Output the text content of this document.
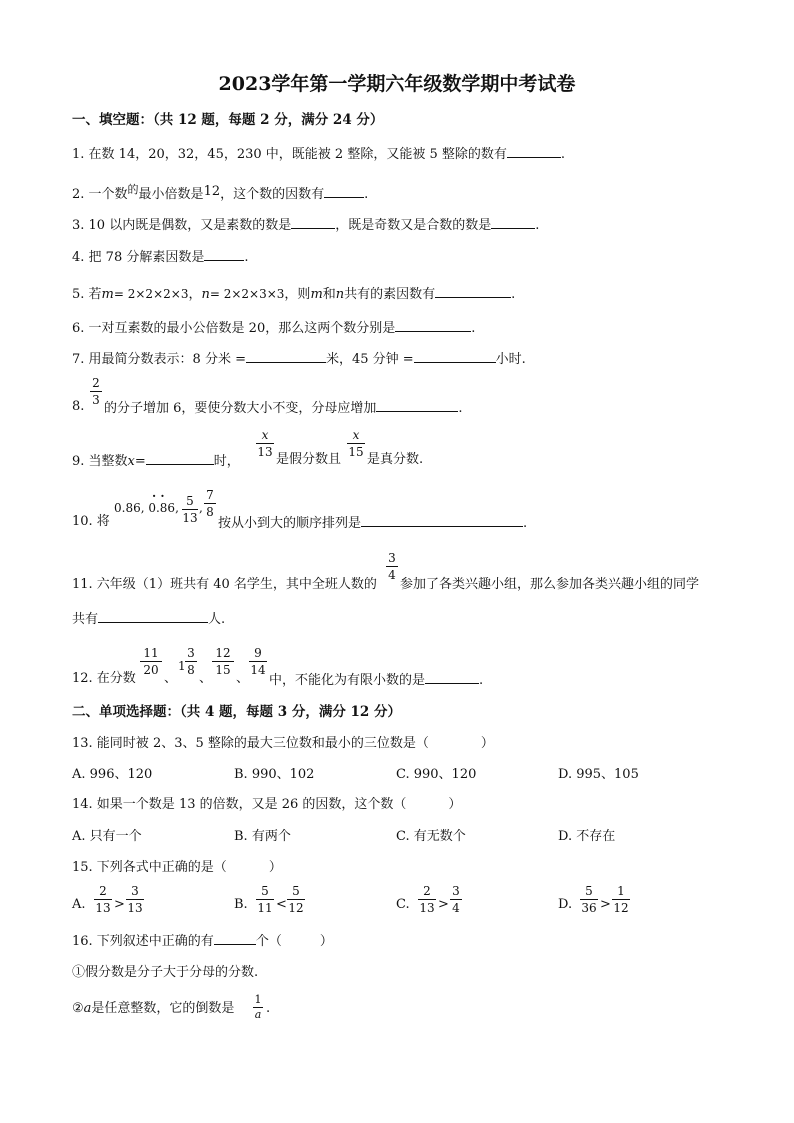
2023学年第一学期六年级数学期中考试卷
一、填空题：（共 12 题，每题 2 分，满分 24 分）
1. 在数 14，20，32，45，230 中，既能被 2 整除，又能被 5 整除的数有	.
2. 一个数$^的$最小倍数是12，这个数的因数有	.
3. 10 以内既是偶数，又是素数的数是	，既是奇数又是合数的数是	.
4. 把 78 分解素因数是	.
5. 若m= 2×2×2×3，n= 2×2×3×3，则m和n共有的素因数有	.
6. 一对互素数的最小公倍数是 20，那么这两个数分别是	.
7. 用最简分数表示：8 分米 =	米，45 分钟 =	小时.
8.
2
3
的分子增加 6，要使分数大小不变，分母应增加	.
9. 当整数x=	时，
x
13 是假分数且
x
15 是真分数.
10. 将
0.86, 0.86,
· ·	5
13
,
7
8
按从小到大的顺序排列是	.
11. 六年级（1）班共有 40 名学生，其中全班人数的
3
4
参加了各类兴趣小组，那么参加各类兴趣小组的同学
共有	人.
12. 在分数
11
20
、
1
3
8
、
12
15
、
9
14
中，不能化为有限小数的是	.
二、单项选择题：（共 4 题，每题 3 分，满分 12 分）
13. 能同时被 2、3、5 整除的最大三位数和最小的三位数是（	）
A. 996、120	B. 990、102	C. 990、120	D. 995、105
14. 如果一个数是 13 的倍数，又是 26 的因数，这个数（	）
A. 只有一个	B. 有两个	C. 有无数个	D. 不存在
15. 下列各式中正确的是（	）
A.
2
13 >
3
13	B.
5
11 <
5
12	C.
2
13 >
3
4	D.
5
36 >
1
12
16. 下列叙述中正确的有	个（	）
①假分数是分子大于分母的分数.
②a是任意整数，它的倒数是
1
a .
